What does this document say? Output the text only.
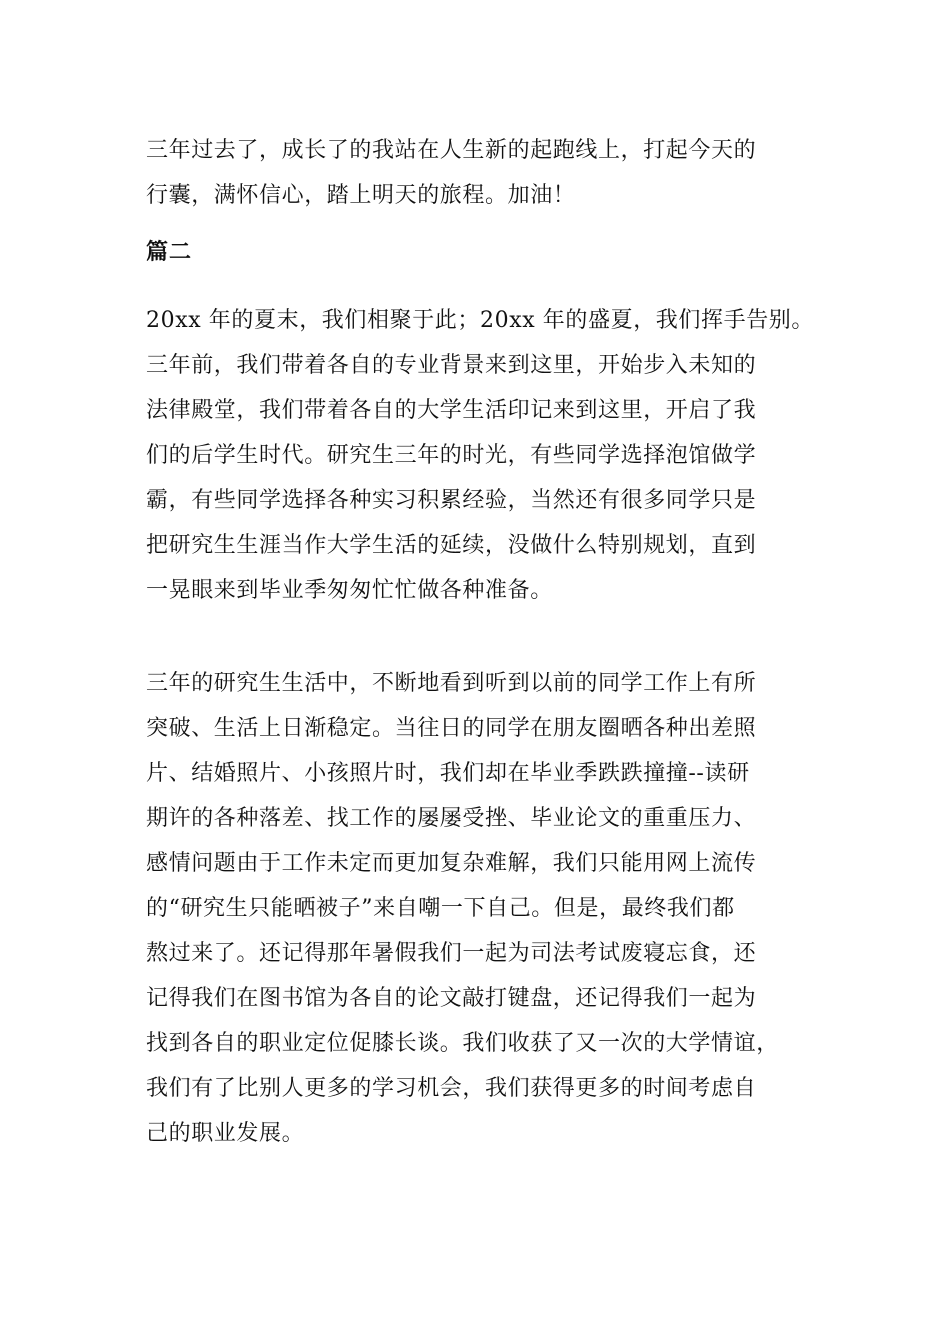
三年过去了，成长了的我站在人生新的起跑线上，打起今天的
行囊，满怀信心，踏上明天的旅程。加油！
篇二
20xx 年的夏末，我们相聚于此；20xx 年的盛夏，我们挥手告别。
三年前，我们带着各自的专业背景来到这里，开始步入未知的
法律殿堂，我们带着各自的大学生活印记来到这里，开启了我
们的后学生时代。研究生三年的时光，有些同学选择泡馆做学
霸，有些同学选择各种实习积累经验，当然还有很多同学只是
把研究生生涯当作大学生活的延续，没做什么特别规划，直到
一晃眼来到毕业季匆匆忙忙做各种准备。
三年的研究生生活中，不断地看到听到以前的同学工作上有所
突破、生活上日渐稳定。当往日的同学在朋友圈晒各种出差照
片、结婚照片、小孩照片时，我们却在毕业季跌跌撞撞--读研
期许的各种落差、找工作的屡屡受挫、毕业论文的重重压力、
感情问题由于工作未定而更加复杂难解，我们只能用网上流传
的“研究生只能晒被子”来自嘲一下自己。但是，最终我们都
熬过来了。还记得那年暑假我们一起为司法考试废寝忘食，还
记得我们在图书馆为各自的论文敲打键盘，还记得我们一起为
找到各自的职业定位促膝长谈。我们收获了又一次的大学情谊，
我们有了比别人更多的学习机会，我们获得更多的时间考虑自
己的职业发展。
